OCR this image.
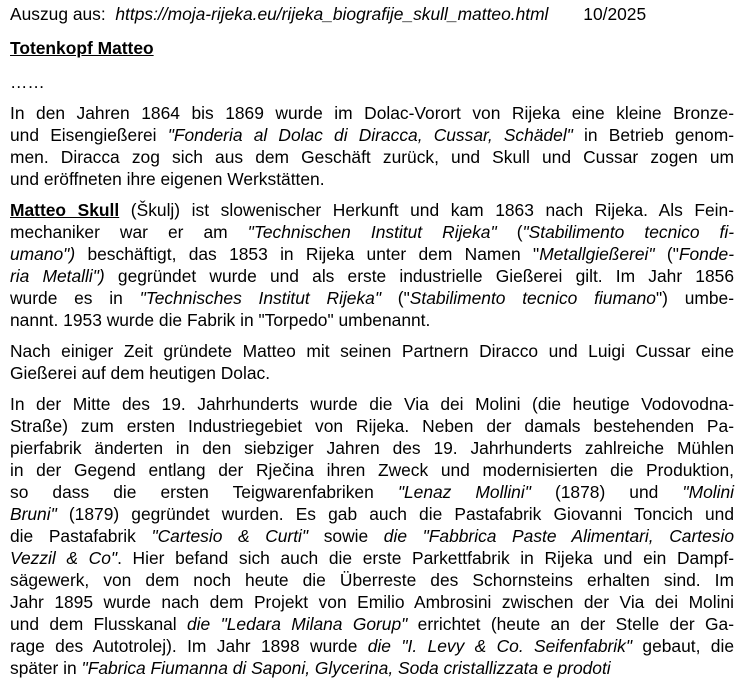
Auszug aus: https://moja-rijeka.eu/rijeka_biografije_skull_matteo.html 10/2025
Totenkopf Matteo
……
In den Jahren 1864 bis 1869 wurde im Dolac-Vorort von Rijeka eine kleine Bronze-
und Eisengießerei "Fonderia al Dolac di Diracca, Cussar, Schädel" in Betrieb genom-
men. Diracca zog sich aus dem Geschäft zurück, und Skull und Cussar zogen um
und eröffneten ihre eigenen Werkstätten.
Matteo Skull (Škulj) ist slowenischer Herkunft und kam 1863 nach Rijeka. Als Fein-
mechaniker war er am "Technischen Institut Rijeka" ("Stabilimento tecnico fi-
umano") beschäftigt, das 1853 in Rijeka unter dem Namen "Metallgießerei" ("Fonde-
ria Metalli") gegründet wurde und als erste industrielle Gießerei gilt. Im Jahr 1856
wurde es in "Technisches Institut Rijeka" ("Stabilimento tecnico fiumano") umbe-
nannt. 1953 wurde die Fabrik in "Torpedo" umbenannt.
Nach einiger Zeit gründete Matteo mit seinen Partnern Diracco und Luigi Cussar eine
Gießerei auf dem heutigen Dolac.
In der Mitte des 19. Jahrhunderts wurde die Via dei Molini (die heutige Vodovodna-
Straße) zum ersten Industriegebiet von Rijeka. Neben der damals bestehenden Pa-
pierfabrik änderten in den siebziger Jahren des 19. Jahrhunderts zahlreiche Mühlen
in der Gegend entlang der Rječina ihren Zweck und modernisierten die Produktion,
so dass die ersten Teigwarenfabriken "Lenaz Mollini" (1878) und "Molini
Bruni" (1879) gegründet wurden. Es gab auch die Pastafabrik Giovanni Toncich und
die Pastafabrik "Cartesio & Curti" sowie die "Fabbrica Paste Alimentari, Cartesio
Vezzil & Co". Hier befand sich auch die erste Parkettfabrik in Rijeka und ein Dampf-
sägewerk, von dem noch heute die Überreste des Schornsteins erhalten sind. Im
Jahr 1895 wurde nach dem Projekt von Emilio Ambrosini zwischen der Via dei Molini
und dem Flusskanal die "Ledara Milana Gorup" errichtet (heute an der Stelle der Ga-
rage des Autotrolej). Im Jahr 1898 wurde die "I. Levy & Co. Seifenfabrik" gebaut, die
später in "Fabrica Fiumanna di Saponi, Glycerina, Soda cristallizzata e prodoti
